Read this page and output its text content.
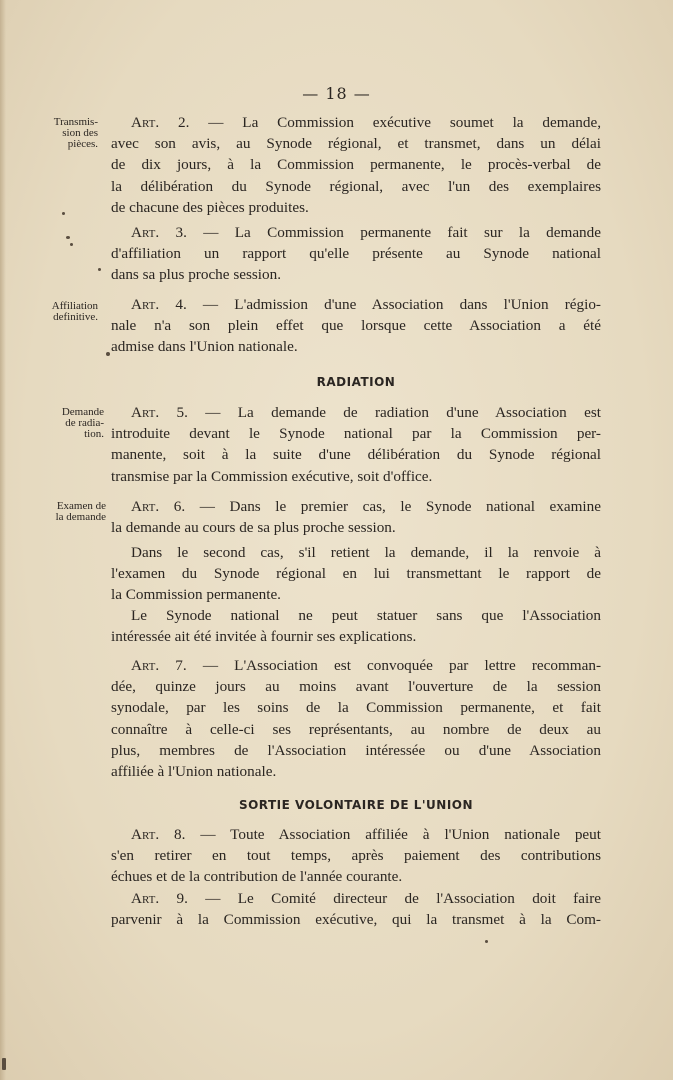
— 18 —
Transmis-
sion des
pièces.
Affiliation
definitive.
Demande
de radia-
tion.
Examen de
la demande
Art. 2. — La Commission exécutive soumet la demande,
avec son avis, au Synode régional, et transmet, dans un délai
de dix jours, à la Commission permanente, le procès-verbal de
la délibération du Synode régional, avec l'un des exemplaires
de chacune des pièces produites.
Art. 3. — La Commission permanente fait sur la demande
d'affiliation un rapport qu'elle présente au Synode national
dans sa plus proche session.
Art. 4. — L'admission d'une Association dans l'Union régio-
nale n'a son plein effet que lorsque cette Association a été
admise dans l'Union nationale.
RADIATION
Art. 5. — La demande de radiation d'une Association est
introduite devant le Synode national par la Commission per-
manente, soit à la suite d'une délibération du Synode régional
transmise par la Commission exécutive, soit d'office.
Art. 6. — Dans le premier cas, le Synode national examine
la demande au cours de sa plus proche session.
Dans le second cas, s'il retient la demande, il la renvoie à
l'examen du Synode régional en lui transmettant le rapport de
la Commission permanente.
Le Synode national ne peut statuer sans que l'Association
intéressée ait été invitée à fournir ses explications.
Art. 7. — L'Association est convoquée par lettre recomman-
dée, quinze jours au moins avant l'ouverture de la session
synodale, par les soins de la Commission permanente, et fait
connaître à celle-ci ses représentants, au nombre de deux au
plus, membres de l'Association intéressée ou d'une Association
affiliée à l'Union nationale.
SORTIE VOLONTAIRE DE L'UNION
Art. 8. — Toute Association affiliée à l'Union nationale peut
s'en retirer en tout temps, après paiement des contributions
échues et de la contribution de l'année courante.
Art. 9. — Le Comité directeur de l'Association doit faire
parvenir à la Commission exécutive, qui la transmet à la Com-
